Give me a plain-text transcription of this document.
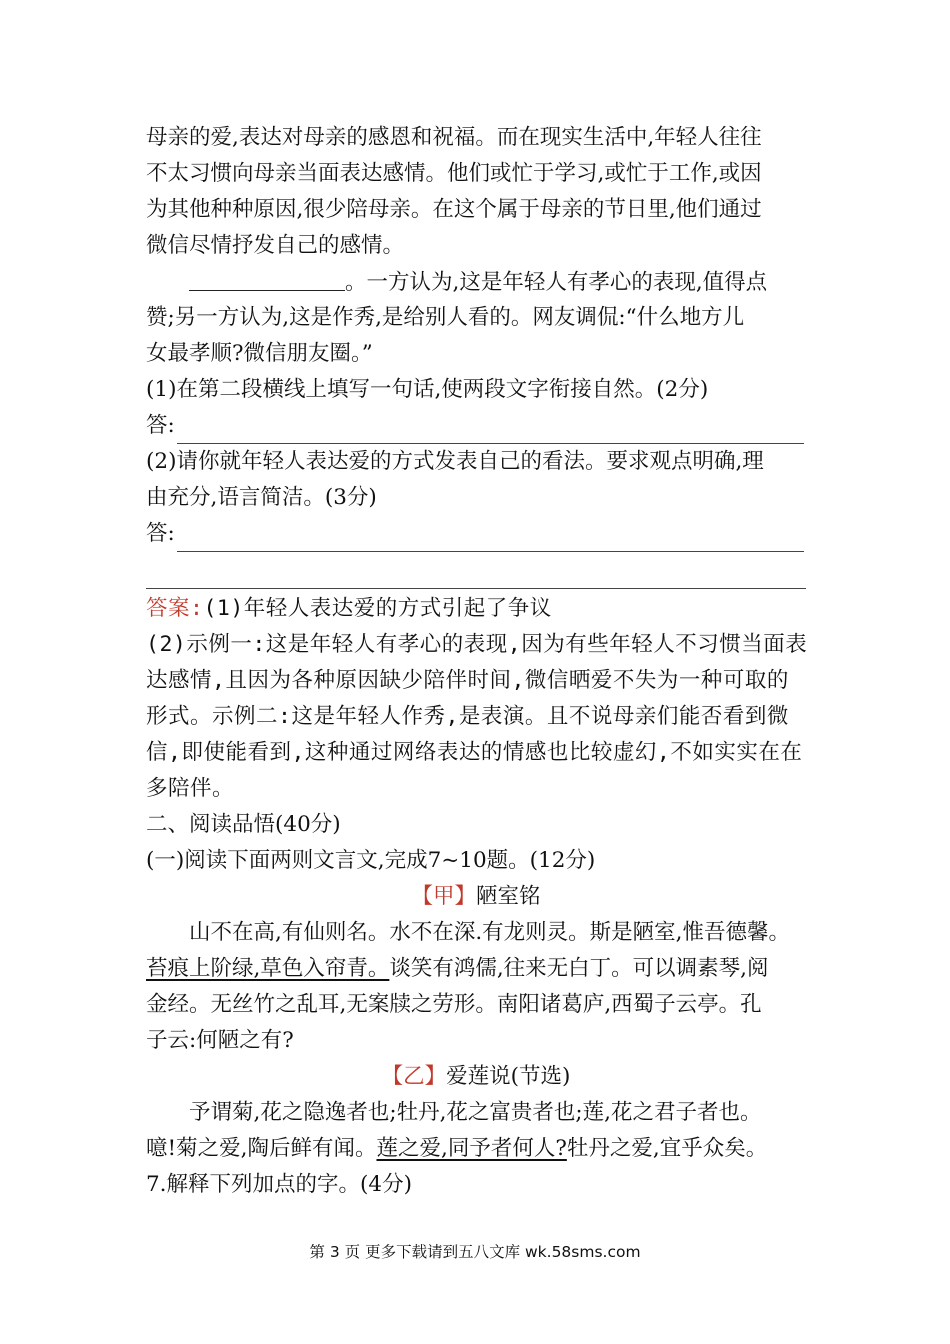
母亲的爱,表达对母亲的感恩和祝福。而在现实生活中,年轻人往往
不太习惯向母亲当面表达感情。他们或忙于学习,或忙于工作,或因
为其他种种原因,很少陪母亲。在这个属于母亲的节日里,他们通过
微信尽情抒发自己的感情。
。一方认为,这是年轻人有孝心的表现,值得点
赞;另一方认为,这是作秀,是给别人看的。网友调侃:“什么地方儿
女最孝顺?微信朋友圈。”
(1)在第二段横线上填写一句话,使两段文字衔接自然。(2分)
答:
(2)请你就年轻人表达爱的方式发表自己的看法。要求观点明确,理
由充分,语言简洁。(3分)
答:
答案:(1)年轻人表达爱的方式引起了争议
(2)示例一:这是年轻人有孝心的表现,因为有些年轻人不习惯当面表
达感情,且因为各种原因缺少陪伴时间,微信晒爱不失为一种可取的
形式。示例二:这是年轻人作秀,是表演。且不说母亲们能否看到微
信,即使能看到,这种通过网络表达的情感也比较虚幻,不如实实在在
多陪伴。
二、阅读品悟(40分)
(一)阅读下面两则文言文,完成7~10题。(12分)
【甲】陋室铭
山不在高,有仙则名。水不在深.有龙则灵。斯是陋室,惟吾德馨。
苔痕上阶绿,草色入帘青。谈笑有鸿儒,往来无白丁。可以调素琴,阅
金经。无丝竹之乱耳,无案牍之劳形。南阳诸葛庐,西蜀子云亭。孔
子云:何陋之有?
【乙】爱莲说(节选)
予谓菊,花之隐逸者也;牡丹,花之富贵者也;莲,花之君子者也。
噫!菊之爱,陶后鲜有闻。莲之爱,同予者何人?牡丹之爱,宜乎众矣。
7.解释下列加点的字。(4分)
第 3 页 更多下载请到五八文库 wk.58sms.com
